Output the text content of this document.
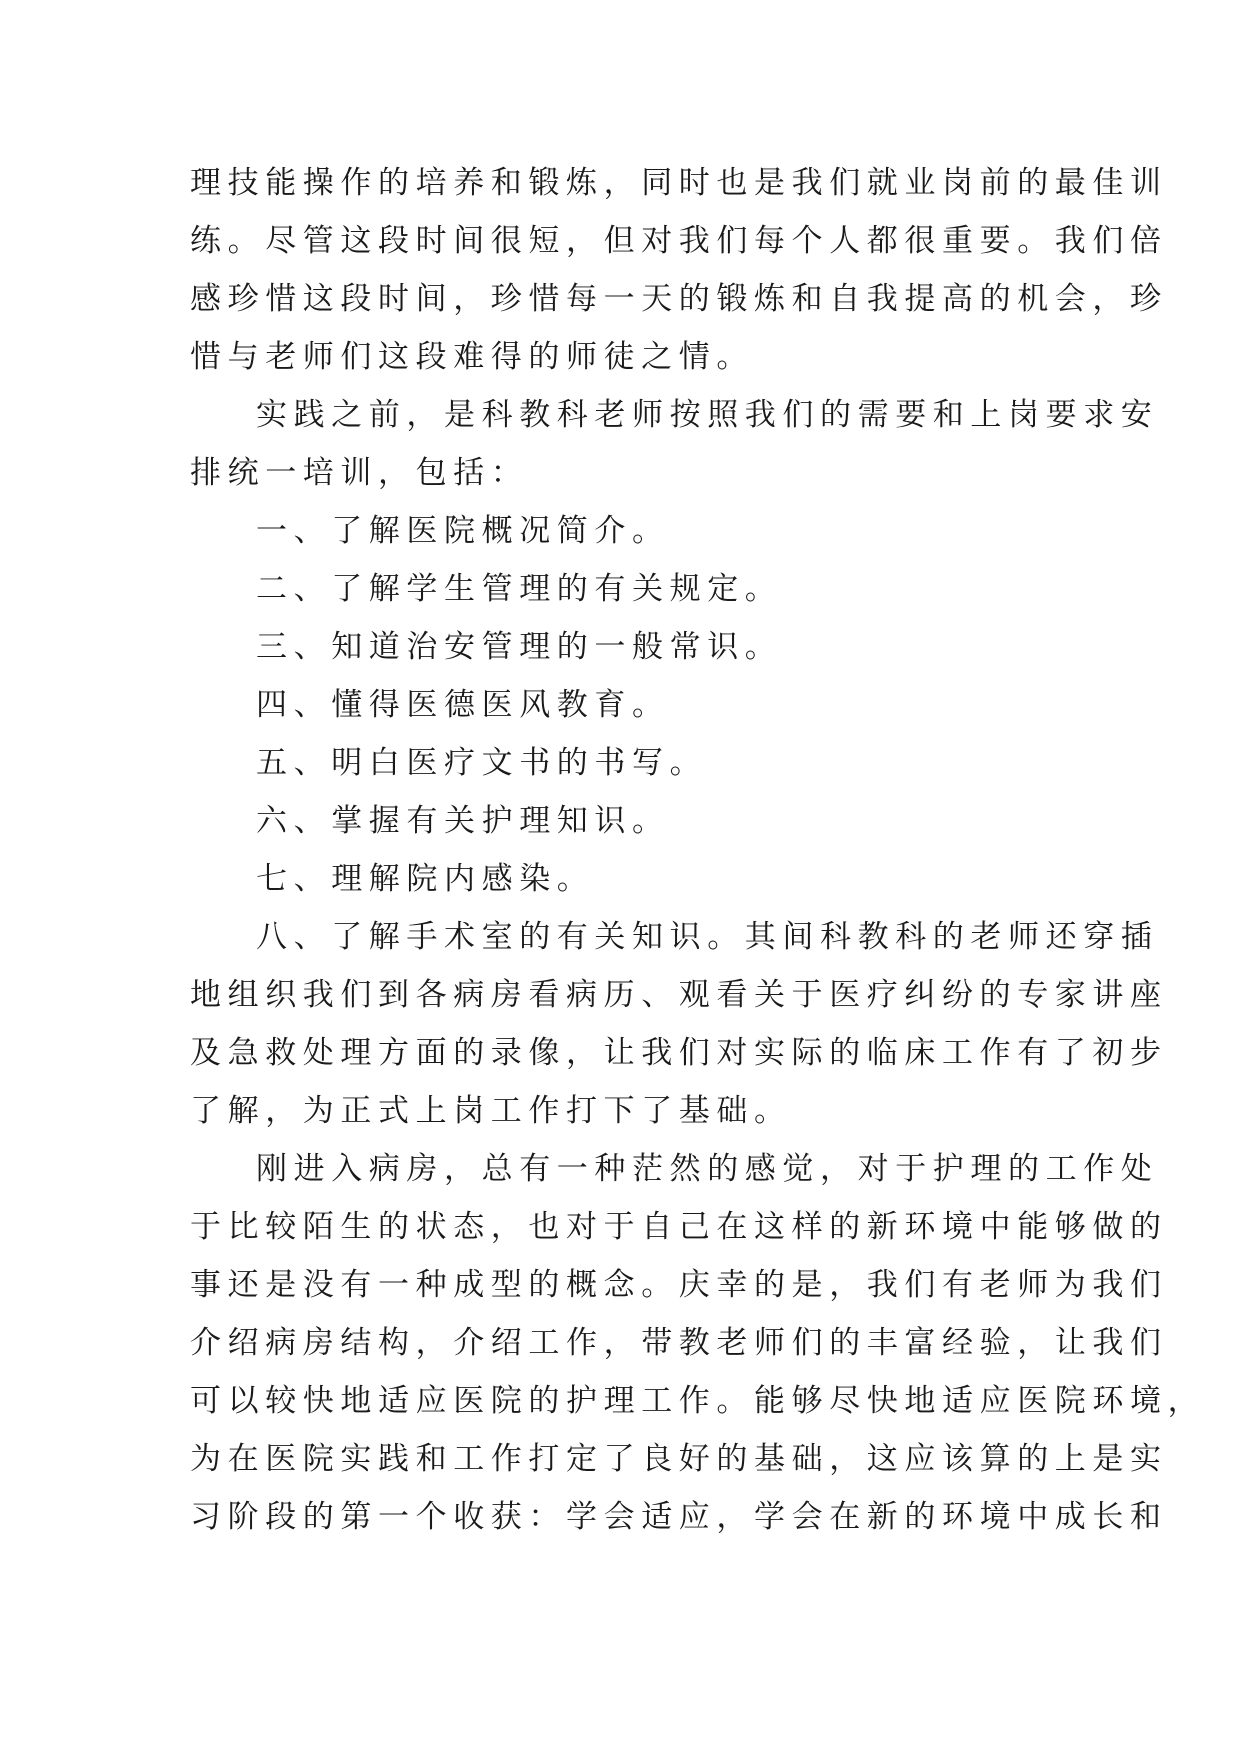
理技能操作的培养和锻炼，同时也是我们就业岗前的最佳训
练。尽管这段时间很短，但对我们每个人都很重要。我们倍
感珍惜这段时间，珍惜每一天的锻炼和自我提高的机会，珍
惜与老师们这段难得的师徒之情。
实践之前，是科教科老师按照我们的需要和上岗要求安
排统一培训，包括：
一、了解医院概况简介。
二、了解学生管理的有关规定。
三、知道治安管理的一般常识。
四、懂得医德医风教育。
五、明白医疗文书的书写。
六、掌握有关护理知识。
七、理解院内感染。
八、了解手术室的有关知识。其间科教科的老师还穿插
地组织我们到各病房看病历、观看关于医疗纠纷的专家讲座
及急救处理方面的录像，让我们对实际的临床工作有了初步
了解，为正式上岗工作打下了基础。
刚进入病房，总有一种茫然的感觉，对于护理的工作处
于比较陌生的状态，也对于自己在这样的新环境中能够做的
事还是没有一种成型的概念。庆幸的是，我们有老师为我们
介绍病房结构，介绍工作，带教老师们的丰富经验，让我们
可以较快地适应医院的护理工作。能够尽快地适应医院环境，
为在医院实践和工作打定了良好的基础，这应该算的上是实
习阶段的第一个收获：学会适应，学会在新的环境中成长和
